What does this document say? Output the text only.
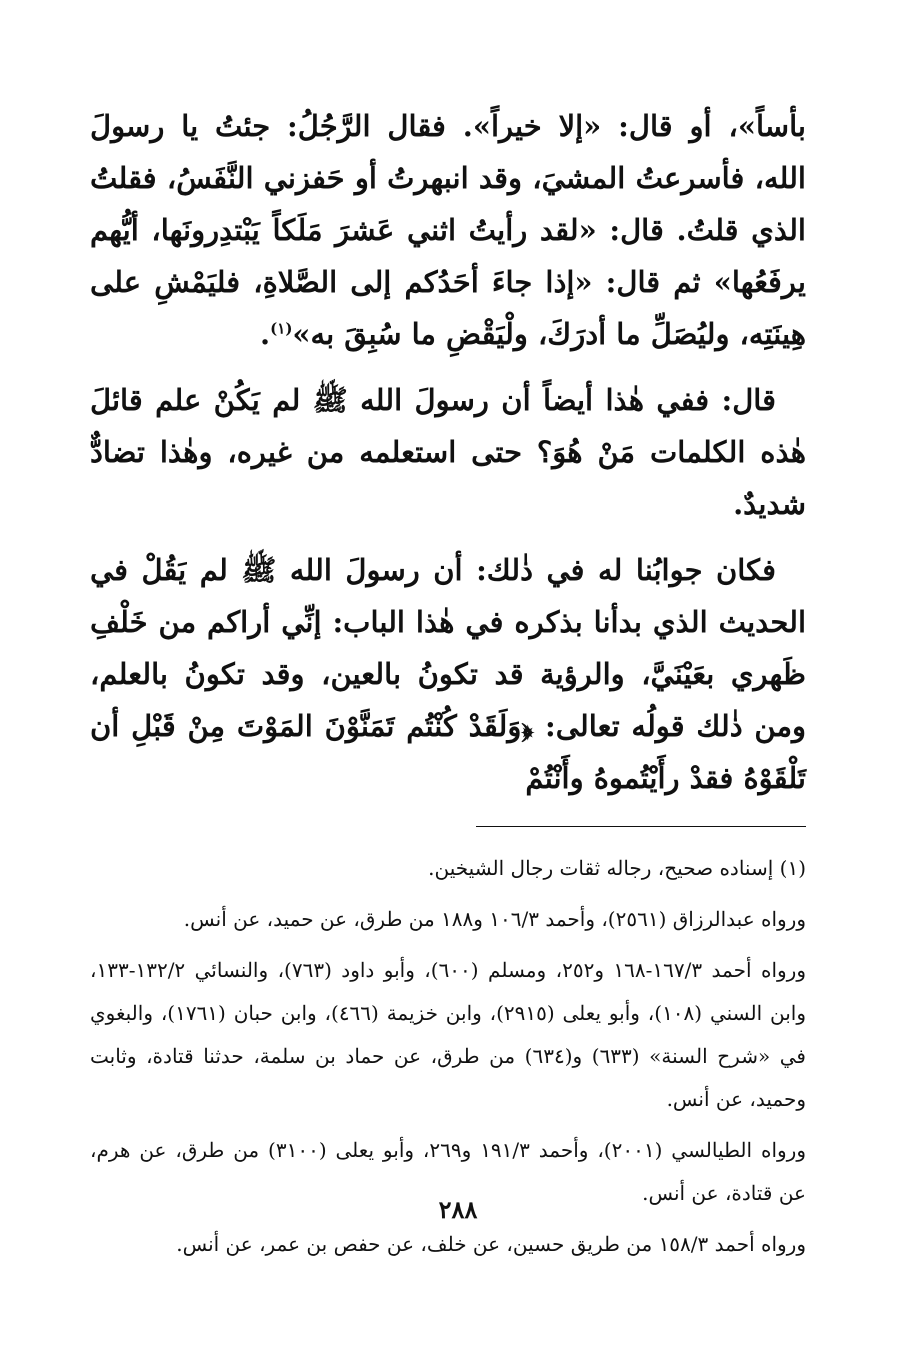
بأساً»، أو قال: «إلا خيراً». فقال الرَّجُلُ: جئتُ يا رسولَ الله، فأسرعتُ المشيَ، وقد انبهرتُ أو حَفزني النَّفَسُ، فقلتُ الذي قلتُ. قال: «لقد رأيتُ اثني عَشرَ مَلَكاً يَبْتدِرونَها، أيُّهم يرفَعُها» ثم قال: «إذا جاءَ أحَدُكم إلى الصَّلاةِ، فليَمْشِ على هِينَتِه، وليُصَلِّ ما أدرَكَ، ولْيَقْضِ ما سُبِقَ به»$^{(١)}$.

قال: ففي هٰذا أيضاً أن رسولَ الله ﷺ لم يَكُنْ علم قائلَ هٰذه الكلمات مَنْ هُوَ؟ حتى استعلمه من غيره، وهٰذا تضادٌّ شديدٌ.

فكان جوابُنا له في ذٰلك: أن رسولَ الله ﷺ لم يَقُلْ في الحديث الذي بدأنا بذكره في هٰذا الباب: إنِّي أراكم من خَلْفِ ظَهري بعَيْنَيَّ، والرؤية قد تكونُ بالعين، وقد تكونُ بالعلم، ومن ذٰلك قولُه تعالى: ﴿وَلَقَدْ كُنْتُم تَمَنَّوْنَ المَوْتَ مِنْ قَبْلِ أن تَلْقَوْهُ فقدْ رأَيْتُموهُ وأَنْتُمْ

(١) إسناده صحيح، رجاله ثقات رجال الشيخين.

ورواه عبدالرزاق (٢٥٦١)، وأحمد ١٠٦/٣ و١٨٨ من طرق، عن حميد، عن أنس.

ورواه أحمد ١٦٧/٣-١٦٨ و٢٥٢، ومسلم (٦٠٠)، وأبو داود (٧٦٣)، والنسائي ١٣٢/٢-١٣٣، وابن السني (١٠٨)، وأبو يعلى (٢٩١٥)، وابن خزيمة (٤٦٦)، وابن حبان (١٧٦١)، والبغوي في «شرح السنة» (٦٣٣) و(٦٣٤) من طرق، عن حماد بن سلمة، حدثنا قتادة، وثابت وحميد، عن أنس.

ورواه الطيالسي (٢٠٠١)، وأحمد ١٩١/٣ و٢٦٩، وأبو يعلى (٣١٠٠) من طرق، عن هرم، عن قتادة، عن أنس.

ورواه أحمد ١٥٨/٣ من طريق حسين، عن خلف، عن حفص بن عمر، عن أنس.

٢٨٨
